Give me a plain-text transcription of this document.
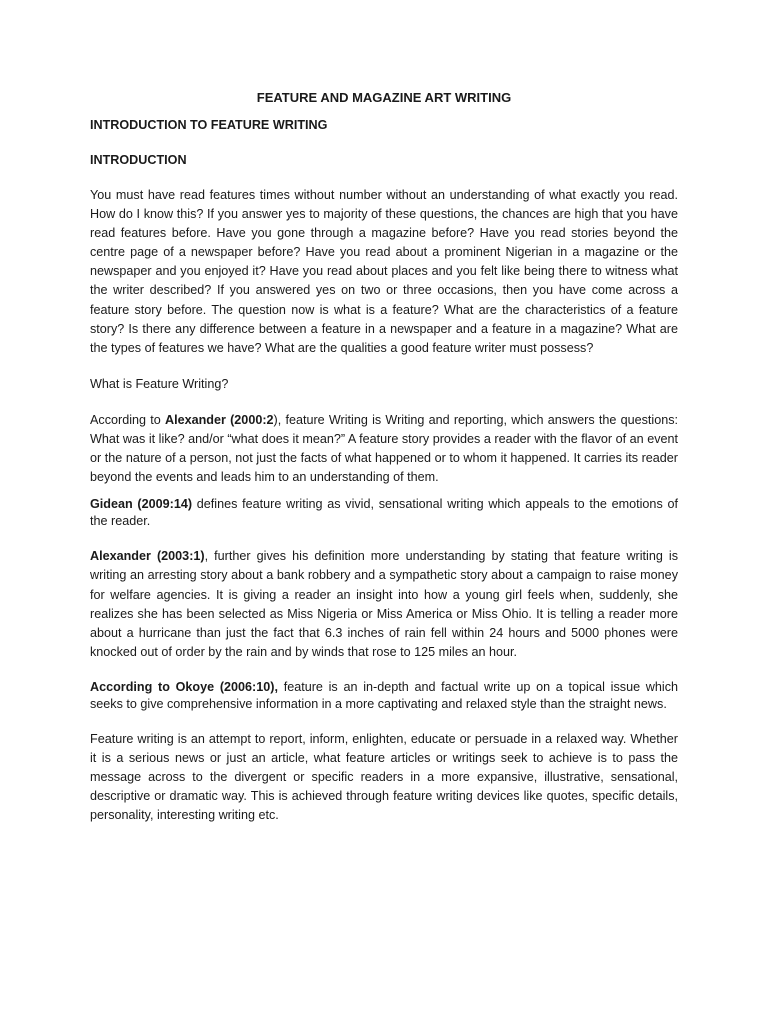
FEATURE AND MAGAZINE ART WRITING
INTRODUCTION TO FEATURE WRITING
INTRODUCTION

You must have read features times without number without an understanding of what exactly you read. How do I know this? If you answer yes to majority of these questions, the chances are high that you have read features before. Have you gone through a magazine before? Have you read stories beyond the centre page of a newspaper before? Have you read about a prominent Nigerian in a magazine or the newspaper and you enjoyed it? Have you read about places and you felt like being there to witness what the writer described? If you answered yes on two or three occasions, then you have come across a feature story before. The question now is what is a feature? What are the characteristics of a feature story? Is there any difference between a feature in a newspaper and a feature in a magazine? What are the types of features we have? What are the qualities a good feature writer must possess?

What is Feature Writing?

According to Alexander (2000:2), feature Writing is Writing and reporting, which answers the questions: What was it like? and/or “what does it mean?” A feature story provides a reader with the flavor of an event or the nature of a person, not just the facts of what happened or to whom it happened. It carries its reader beyond the events and leads him to an understanding of them.

Gidean (2009:14) defines feature writing as vivid, sensational writing which appeals to the emotions of the reader.

Alexander (2003:1), further gives his definition more understanding by stating that feature writing is writing an arresting story about a bank robbery and a sympathetic story about a campaign to raise money for welfare agencies. It is giving a reader an insight into how a young girl feels when, suddenly, she realizes she has been selected as Miss Nigeria or Miss America or Miss Ohio. It is telling a reader more about a hurricane than just the fact that 6.3 inches of rain fell within 24 hours and 5000 phones were knocked out of order by the rain and by winds that rose to 125 miles an hour.

According to Okoye (2006:10), feature is an in-depth and factual write up on a topical issue which seeks to give comprehensive information in a more captivating and relaxed style than the straight news.

Feature writing is an attempt to report, inform, enlighten, educate or persuade in a relaxed way. Whether it is a serious news or just an article, what feature articles or writings seek to achieve is to pass the message across to the divergent or specific readers in a more expansive, illustrative, sensational, descriptive or dramatic way. This is achieved through feature writing devices like quotes, specific details, personality, interesting writing etc.
